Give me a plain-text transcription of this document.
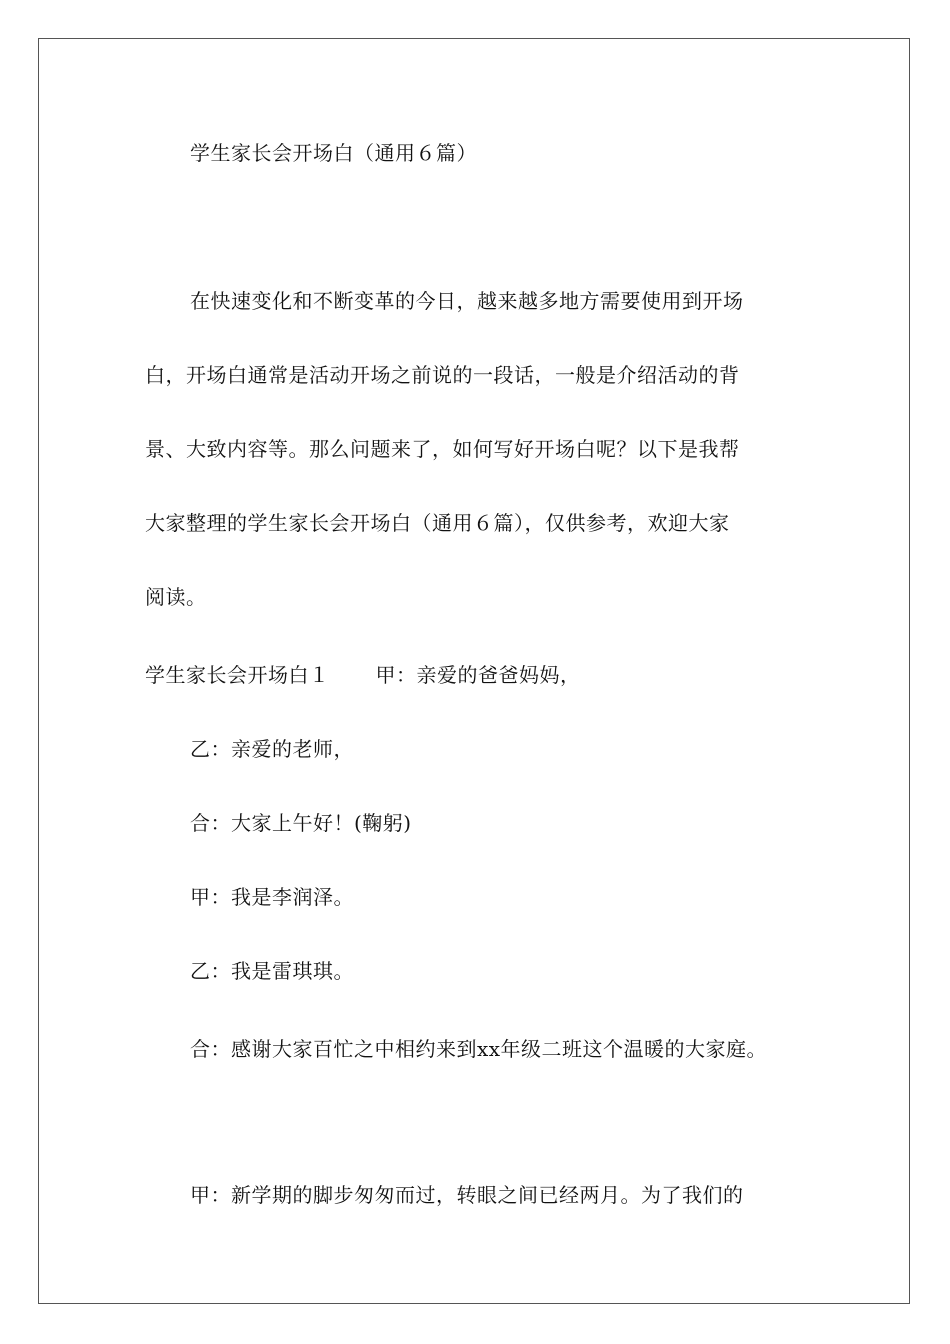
学生家长会开场白（通用６篇）
在快速变化和不断变革的今日，越来越多地方需要使用到开场
白，开场白通常是活动开场之前说的一段话，一般是介绍活动的背
景、大致内容等。那么问题来了，如何写好开场白呢？以下是我帮
大家整理的学生家长会开场白（通用６篇），仅供参考，欢迎大家
阅读。
学生家长会开场白１ 甲：亲爱的爸爸妈妈，
乙：亲爱的老师，
合：大家上午好！(鞠躬)
甲：我是李润泽。
乙：我是雷琪琪。
合：感谢大家百忙之中相约来到xx年级二班这个温暖的大家庭。
甲：新学期的脚步匆匆而过，转眼之间已经两月。为了我们的
